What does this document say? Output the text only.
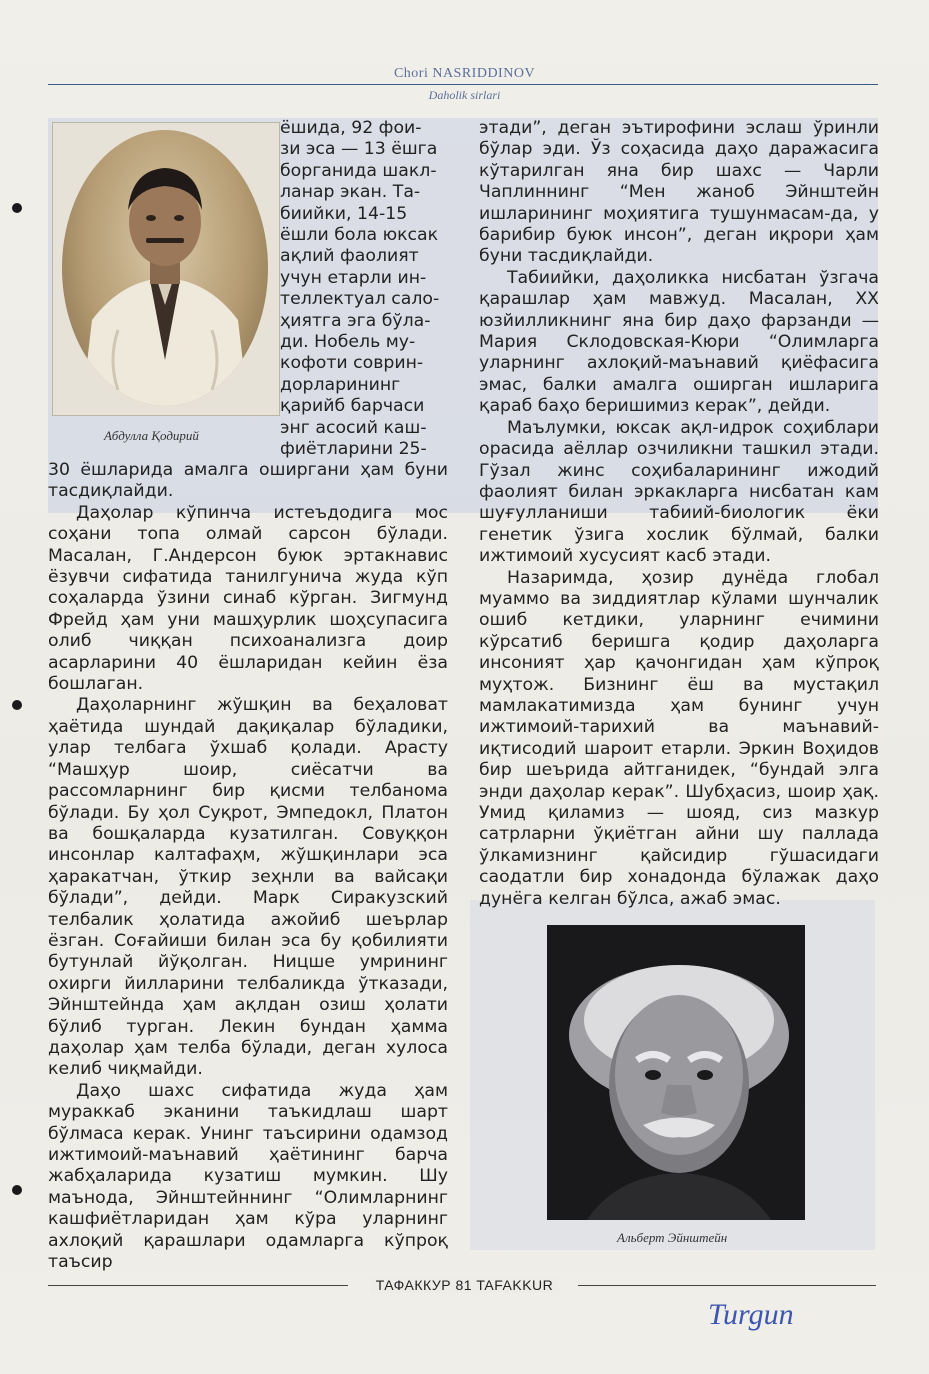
Chori NASRIDDINOV
Daholik sirlari
Абдулла Қодирий

ёшида, 92 фои-

зи эса — 13 ёшга

борганида шакл-

ланар экан. Та-

биийки, 14-15

ёшли бола юксак

ақлий фаолият

учун етарли ин-

теллектуал сало-

ҳиятга эга бўла-

ди. Нобель му-

кофоти соврин-

дорларининг

қарийб барчаси

энг асосий каш-

фиётларини 25-

30 ёшларида амалга оширгани ҳам буни тасдиқлайди.

Даҳолар кўпинча истеъдодига мос соҳани топа олмай сарсон бўлади. Масалан, Г.Андерсон буюк эртакнавис ёзувчи сифатида танилгунича жуда кўп соҳаларда ўзини синаб кўрган. Зигмунд Фрейд ҳам уни машҳурлик шоҳсупасига олиб чиққан психоанализга доир асарларини 40 ёшларидан кейин ёза бошлаган.

Даҳоларнинг жўшқин ва беҳаловат ҳаётида шундай дақиқалар бўладики, улар телбага ўхшаб қолади. Арасту “Машҳур шоир, сиёсатчи ва рассомларнинг бир қисми телбанома бўлади. Бу ҳол Суқрот, Эмпедокл, Платон ва бошқаларда кузатилган. Совуққон инсонлар калтафаҳм, жўшқинлари эса ҳаракатчан, ўткир зеҳнли ва вайсақи бўлади”, дейди. Марк Сиракузский телбалик ҳолатида ажойиб шеърлар ёзган. Соғайиши билан эса бу қобилияти бутунлай йўқолган. Ницше умрининг охирги йилларини телбаликда ўтказади, Эйнштейнда ҳам ақлдан озиш ҳолати бўлиб турган. Лекин бундан ҳамма даҳолар ҳам телба бўлади, деган хулоса келиб чиқмайди.

Даҳо шахс сифатида жуда ҳам мураккаб эканини таъкидлаш шарт бўлмаса керак. Унинг таъсирини одамзод ижтимоий-маънавий ҳаётининг барча жабҳаларида кузатиш мумкин. Шу маънода, Эйнштейннинг “Олимларнинг кашфиётларидан ҳам кўра уларнинг ахлоқий қарашлари одамларга кўпроқ таъсир

этади”, деган эътирофини эслаш ўринли бўлар эди. Ўз соҳасида даҳо даражасига кўтарилган яна бир шахс — Чарли Чаплиннинг “Мен жаноб Эйнштейн ишларининг моҳиятига тушунмасам-да, у барибир буюк инсон”, деган иқрори ҳам буни тасдиқлайди.

Табиийки, даҳоликка нисбатан ўзгача қарашлар ҳам мавжуд. Масалан, XX юзйилликнинг яна бир даҳо фарзанди — Мария Склодовская-Кюри “Олимларга уларнинг ахлоқий-маънавий қиёфасига эмас, балки амалга оширган ишларига қараб баҳо беришимиз керак”, дейди.

Маълумки, юксак ақл-идрок соҳиблари орасида аёллар озчиликни ташкил этади. Гўзал жинс соҳибаларининг ижодий фаолият билан эркакларга нисбатан кам шуғулланиши табиий-биологик ёки генетик ўзига хослик бўлмай, балки ижтимоий хусусият касб этади.

Назаримда, ҳозир дунёда глобал муаммо ва зиддиятлар кўлами шунчалик ошиб кетдики, уларнинг ечимини кўрсатиб беришга қодир даҳоларга инсоният ҳар қачонгидан ҳам кўпроқ муҳтож. Бизнинг ёш ва мустақил мамлакатимизда ҳам бунинг учун ижтимоий-тарихий ва маънавий-иқтисодий шароит етарли. Эркин Воҳидов бир шеърида айтганидек, “бундай элга энди даҳолар керак”. Шубҳасиз, шоир ҳақ. Умид қиламиз — шояд, сиз мазкур сатрларни ўқиётган айни шу паллада ўлкамизнинг қайсидир гўшасидаги саодатли бир хонадонда бўлажак даҳо дунёга келган бўлса, ажаб эмас.

Альберт Эйнштейн
ТАФАККУР 81 TAFAKKUR
Turgun
